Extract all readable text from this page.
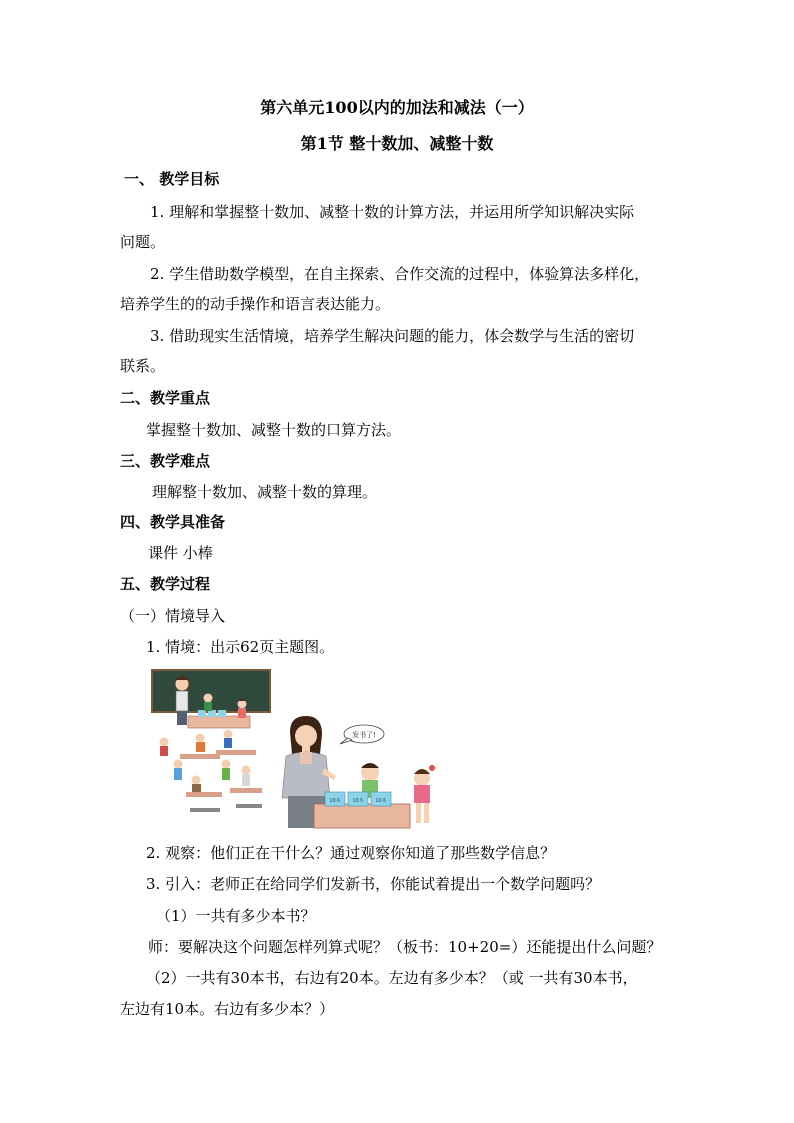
第六单元100以内的加法和减法（一）
第1节 整十数加、减整十数
一、 教学目标
1. 理解和掌握整十数加、减整十数的计算方法，并运用所学知识解决实际
问题。
2. 学生借助数学模型，在自主探索、合作交流的过程中，体验算法多样化，
培养学生的的动手操作和语言表达能力。
3. 借助现实生活情境，培养学生解决问题的能力，体会数学与生活的密切
联系。
二、教学重点
掌握整十数加、减整十数的口算方法。
三、教学难点
理解整十数加、减整十数的算理。
四、教学具准备
课件 小棒
五、教学过程
（一）情境导入
1. 情境：出示62页主题图。
发书了!
10本 10本 10本
2. 观察：他们正在干什么？通过观察你知道了那些数学信息？
3. 引入：老师正在给同学们发新书，你能试着提出一个数学问题吗？
（1）一共有多少本书？
师：要解决这个问题怎样列算式呢？（板书：10+20=）还能提出什么问题？
（2）一共有30本书，右边有20本。左边有多少本？（或 一共有30本书，
左边有10本。右边有多少本？）
